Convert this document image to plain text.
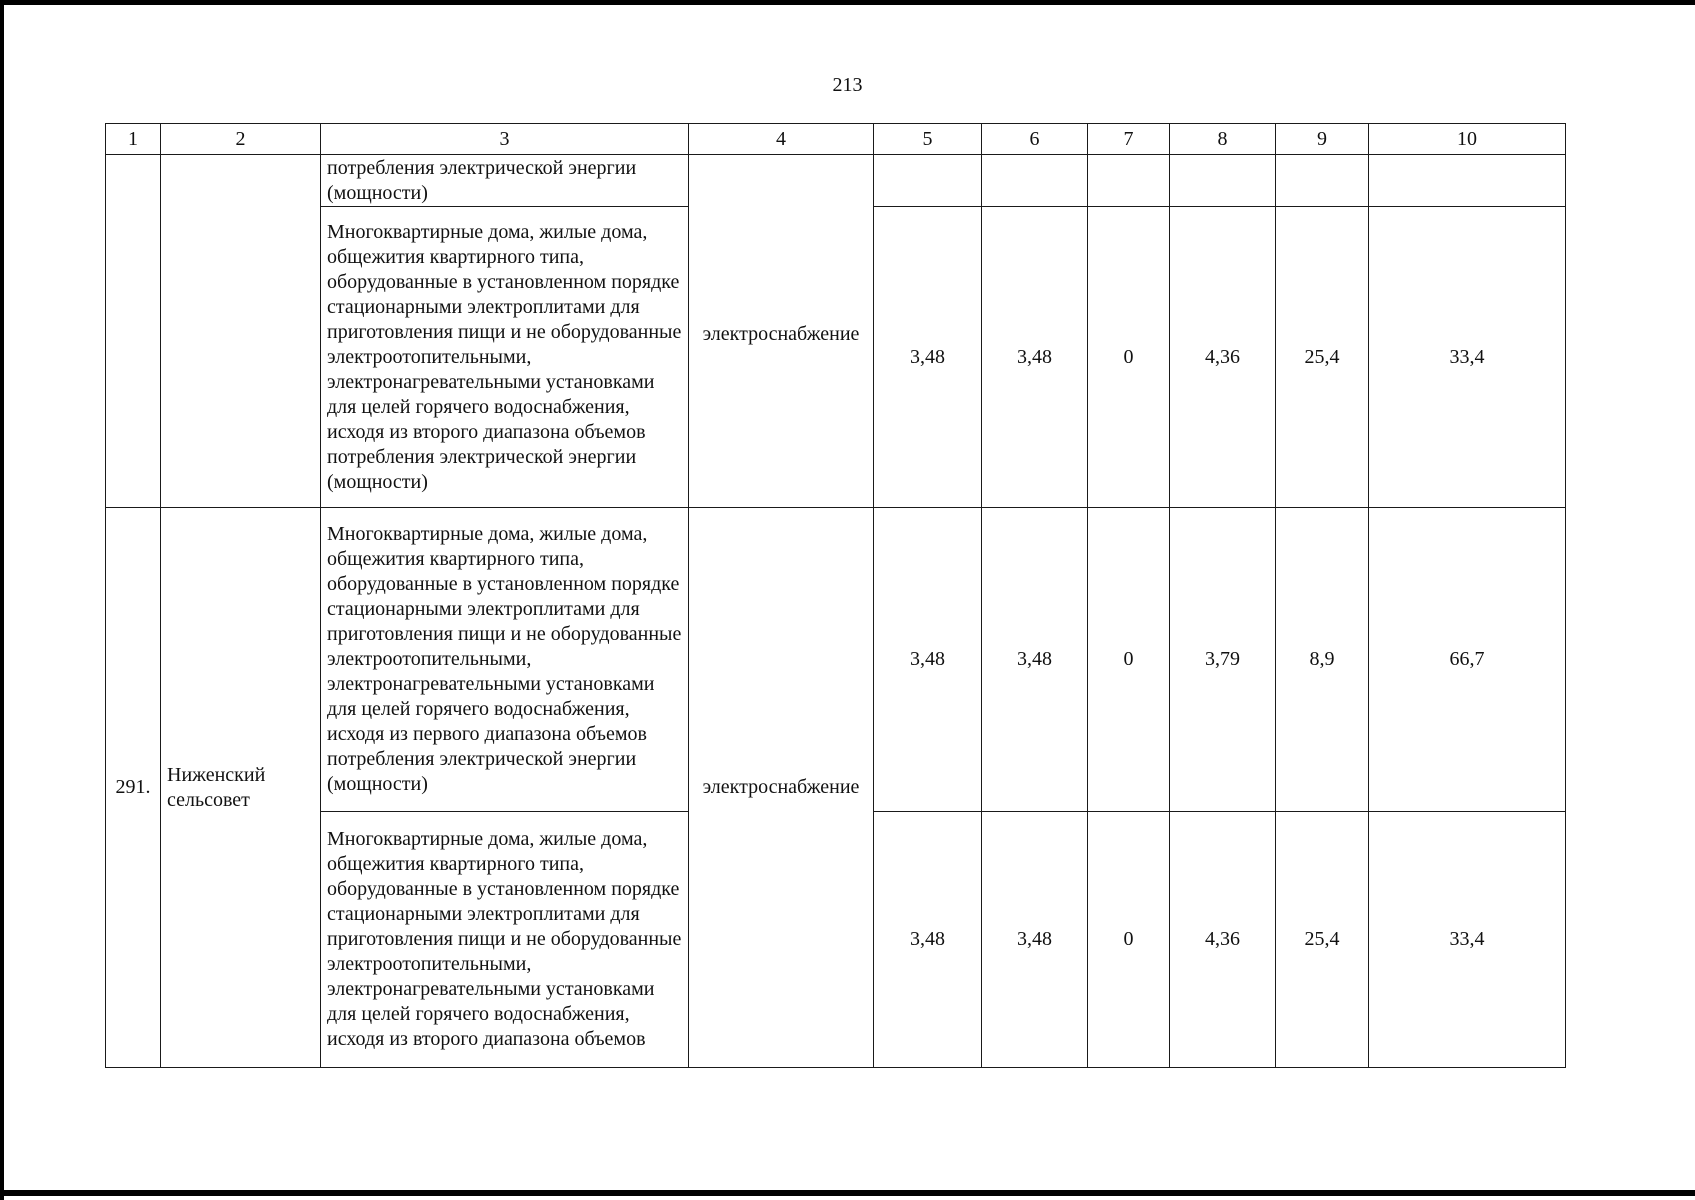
213
1	2	3	4	5	6	7	8	9	10
		потребления электрической энергии (мощности)	электроснабжение						
		Многоквартирные дома, жилые дома, общежития квартирного типа, оборудованные в установленном порядке стационарными электроплитами для приготовления пищи и не оборудованные электроотопительными, электронагревательными установками для целей горячего водоснабжения, исходя из второго диапазона объемов потребления электрической энергии (мощности)		3,48	3,48	0	4,36	25,4	33,4
291.	Ниженский сельсовет	Многоквартирные дома, жилые дома, общежития квартирного типа, оборудованные в установленном порядке стационарными электроплитами для приготовления пищи и не оборудованные электроотопительными, электронагревательными установками для целей горячего водоснабжения, исходя из первого диапазона объемов потребления электрической энергии (мощности)	электроснабжение	3,48	3,48	0	3,79	8,9	66,7
		Многоквартирные дома, жилые дома, общежития квартирного типа, оборудованные в установленном порядке стационарными электроплитами для приготовления пищи и не оборудованные электроотопительными, электронагревательными установками для целей горячего водоснабжения, исходя из второго диапазона объемов		3,48	3,48	0	4,36	25,4	33,4
